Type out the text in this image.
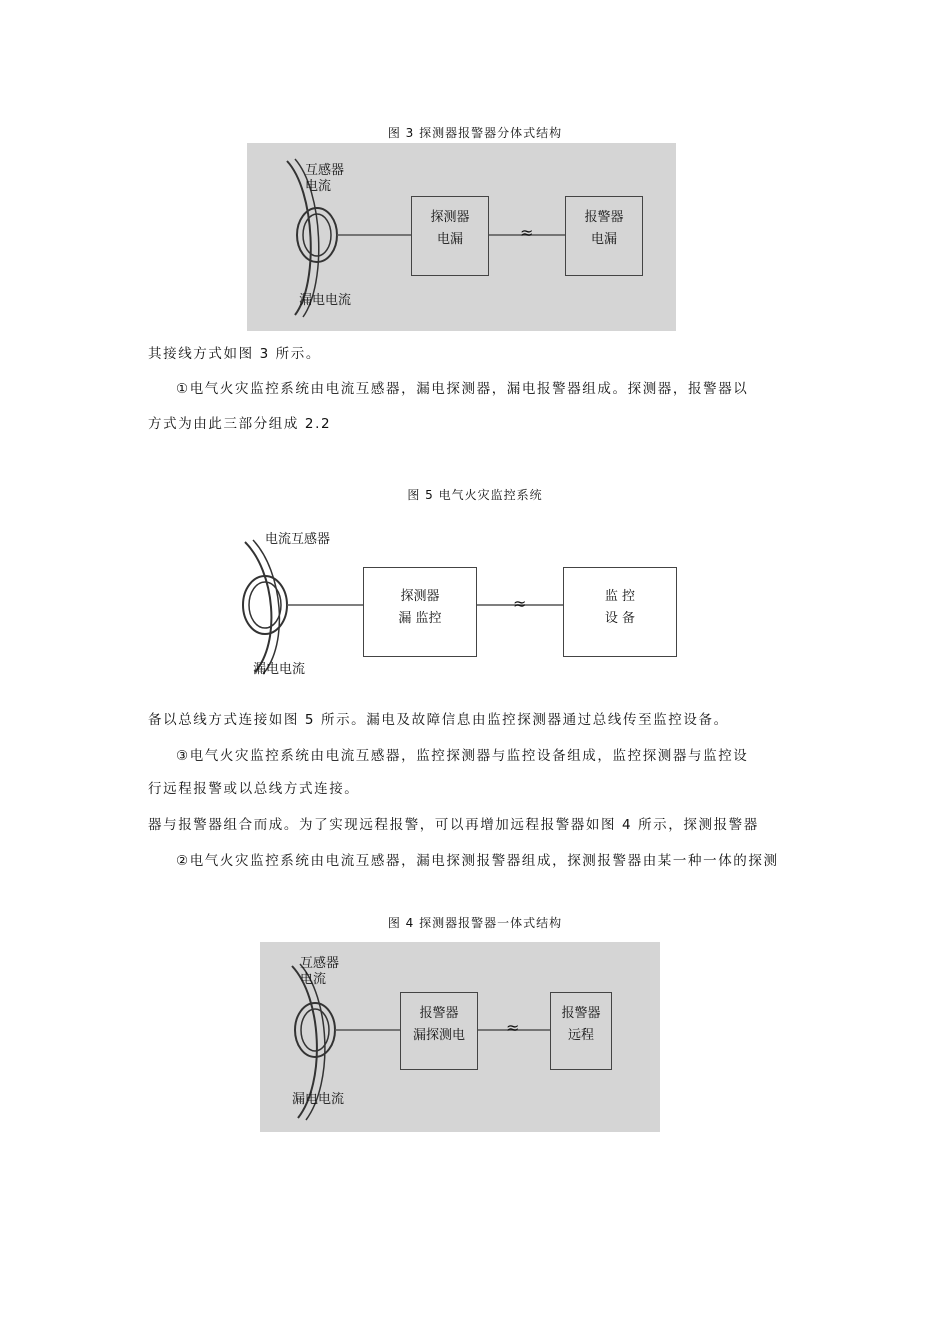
图 3 探测器报警器分体式结构
互感器
电流
漏电电流
探测器
电漏	≈
报警器
电漏
其接线方式如图 3 所示。
①电气火灾监控系统由电流互感器，漏电探测器，漏电报警器组成。探测器，报警器以
方式为由此三部分组成 2.2
图 5 电气火灾监控系统
电流互感器
漏电电流
探测器
漏 监控
≈	监 控
设 备
备以总线方式连接如图 5 所示。漏电及故障信息由监控探测器通过总线传至监控设备。
③电气火灾监控系统由电流互感器，监控探测器与监控设备组成，监控探测器与监控设
行远程报警或以总线方式连接。
器与报警器组合而成。为了实现远程报警，可以再增加远程报警器如图 4 所示，探测报警器
②电气火灾监控系统由电流互感器，漏电探测报警器组成，探测报警器由某一种一体的探测
图 4 探测器报警器一体式结构
互感器
电流
漏电电流
报警器
漏探测电	≈
报警器
远程
